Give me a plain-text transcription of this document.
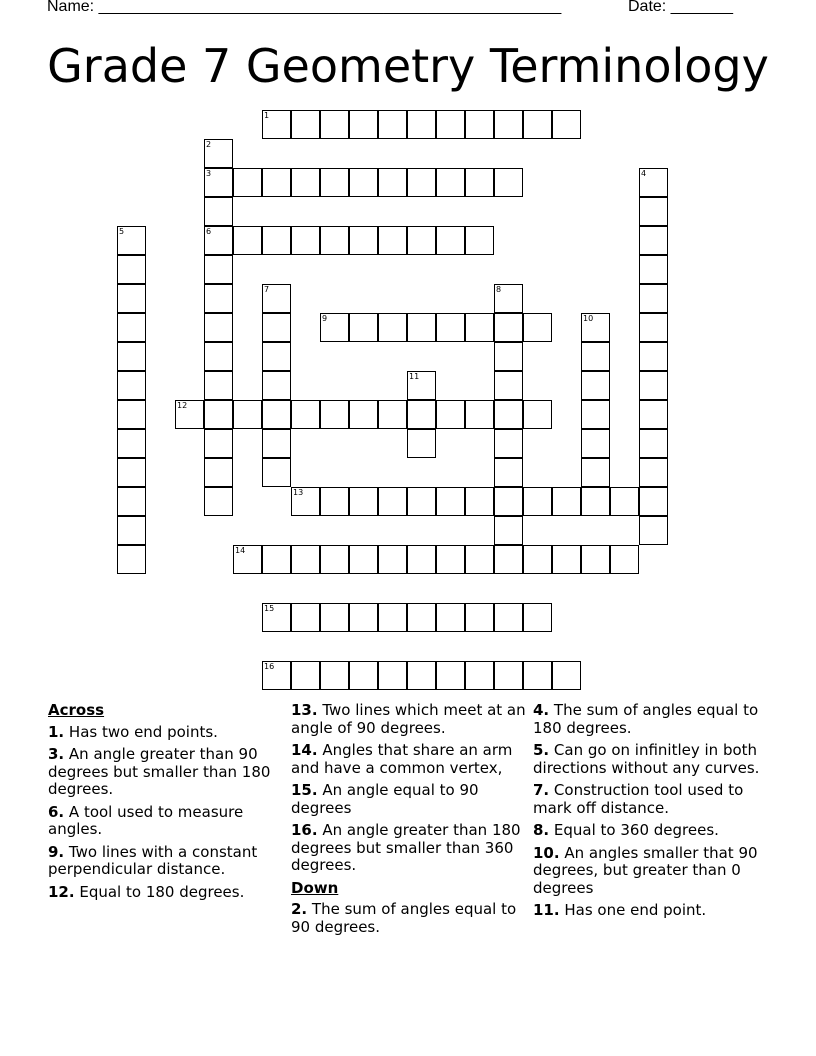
Name: ____________________________________________________	Date: _______
Grade 7 Geometry Terminology
1
3
6
9
12
13
14
15
16
2
4
5
7	8
10
11
Across
1. Has two end points.
3. An angle greater than 90 degrees but smaller than 180 degrees.
6. A tool used to measure angles.
9. Two lines with a constant perpendicular distance.
12. Equal to 180 degrees.
13. Two lines which meet at an angle of 90 degrees.
14. Angles that share an arm and have a common vertex,
15. An angle equal to 90 degrees
16. An angle greater than 180 degrees but smaller than 360 degrees.
Down
2. The sum of angles equal to 90 degrees.
4. The sum of angles equal to 180 degrees.
5. Can go on infinitley in both directions without any curves.
7. Construction tool used to mark off distance.
8. Equal to 360 degrees.
10. An angles smaller that 90 degrees, but greater than 0 degrees
11. Has one end point.
